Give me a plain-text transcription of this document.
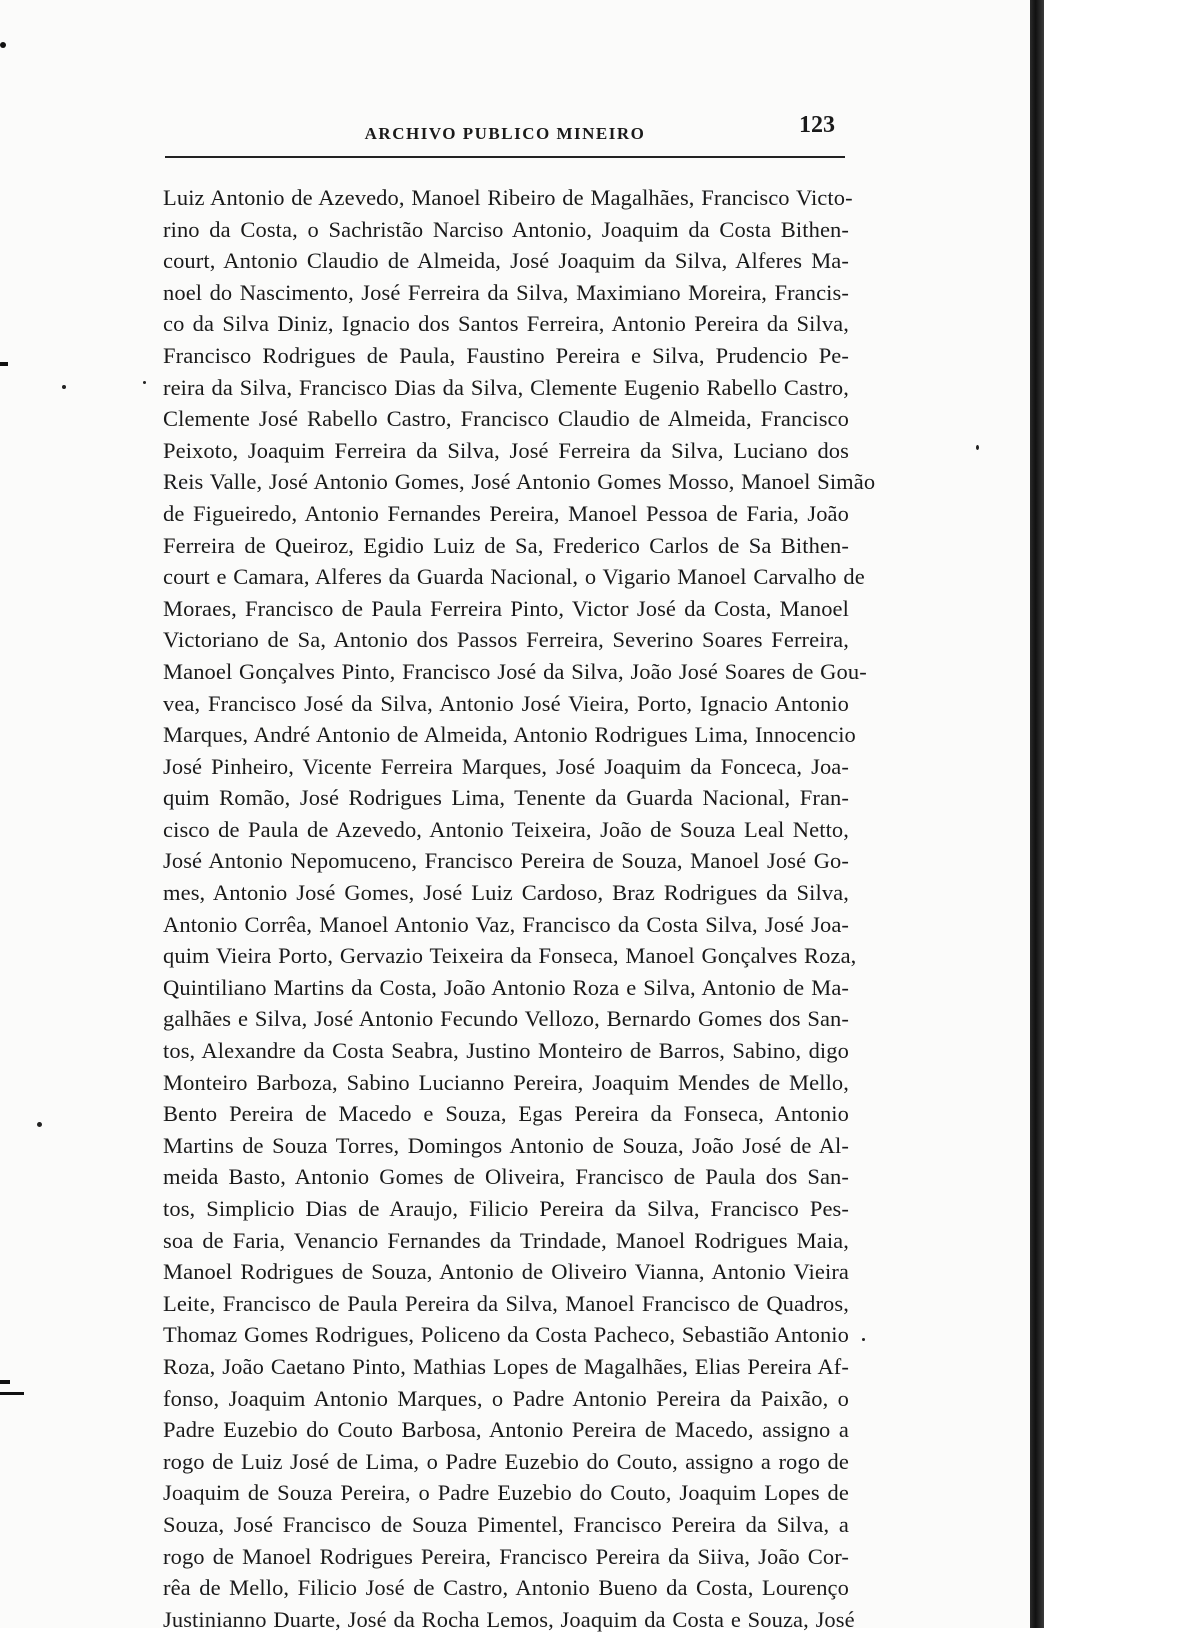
ARCHIVO PUBLICO MINEIRO	123
Luiz Antonio de Azevedo, Manoel Ribeiro de Magalhães, Francisco Victo-
rino da Costa, o Sachristão Narciso Antonio, Joaquim da Costa Bithen-
court, Antonio Claudio de Almeida, José Joaquim da Silva, Alferes Ma-
noel do Nascimento, José Ferreira da Silva, Maximiano Moreira, Francis-
co da Silva Diniz, Ignacio dos Santos Ferreira, Antonio Pereira da Silva,
Francisco Rodrigues de Paula, Faustino Pereira e Silva, Prudencio Pe-
reira da Silva, Francisco Dias da Silva, Clemente Eugenio Rabello Castro,
Clemente José Rabello Castro, Francisco Claudio de Almeida, Francisco
Peixoto, Joaquim Ferreira da Silva, José Ferreira da Silva, Luciano dos
Reis Valle, José Antonio Gomes, José Antonio Gomes Mosso, Manoel Simão
de Figueiredo, Antonio Fernandes Pereira, Manoel Pessoa de Faria, João
Ferreira de Queiroz, Egidio Luiz de Sa, Frederico Carlos de Sa Bithen-
court e Camara, Alferes da Guarda Nacional, o Vigario Manoel Carvalho de
Moraes, Francisco de Paula Ferreira Pinto, Victor José da Costa, Manoel
Victoriano de Sa, Antonio dos Passos Ferreira, Severino Soares Ferreira,
Manoel Gonçalves Pinto, Francisco José da Silva, João José Soares de Gou-
vea, Francisco José da Silva, Antonio José Vieira, Porto, Ignacio Antonio
Marques, André Antonio de Almeida, Antonio Rodrigues Lima, Innocencio
José Pinheiro, Vicente Ferreira Marques, José Joaquim da Fonceca, Joa-
quim Romão, José Rodrigues Lima, Tenente da Guarda Nacional, Fran-
cisco de Paula de Azevedo, Antonio Teixeira, João de Souza Leal Netto,
José Antonio Nepomuceno, Francisco Pereira de Souza, Manoel José Go-
mes, Antonio José Gomes, José Luiz Cardoso, Braz Rodrigues da Silva,
Antonio Corrêa, Manoel Antonio Vaz, Francisco da Costa Silva, José Joa-
quim Vieira Porto, Gervazio Teixeira da Fonseca, Manoel Gonçalves Roza,
Quintiliano Martins da Costa, João Antonio Roza e Silva, Antonio de Ma-
galhães e Silva, José Antonio Fecundo Vellozo, Bernardo Gomes dos San-
tos, Alexandre da Costa Seabra, Justino Monteiro de Barros, Sabino, digo
Monteiro Barboza, Sabino Lucianno Pereira, Joaquim Mendes de Mello,
Bento Pereira de Macedo e Souza, Egas Pereira da Fonseca, Antonio
Martins de Souza Torres, Domingos Antonio de Souza, João José de Al-
meida Basto, Antonio Gomes de Oliveira, Francisco de Paula dos San-
tos, Simplicio Dias de Araujo, Filicio Pereira da Silva, Francisco Pes-
soa de Faria, Venancio Fernandes da Trindade, Manoel Rodrigues Maia,
Manoel Rodrigues de Souza, Antonio de Oliveiro Vianna, Antonio Vieira
Leite, Francisco de Paula Pereira da Silva, Manoel Francisco de Quadros,
Thomaz Gomes Rodrigues, Policeno da Costa Pacheco, Sebastião Antonio
Roza, João Caetano Pinto, Mathias Lopes de Magalhães, Elias Pereira Af-
fonso, Joaquim Antonio Marques, o Padre Antonio Pereira da Paixão, o
Padre Euzebio do Couto Barbosa, Antonio Pereira de Macedo, assigno a
rogo de Luiz José de Lima, o Padre Euzebio do Couto, assigno a rogo de
Joaquim de Souza Pereira, o Padre Euzebio do Couto, Joaquim Lopes de
Souza, José Francisco de Souza Pimentel, Francisco Pereira da Silva, a
rogo de Manoel Rodrigues Pereira, Francisco Pereira da Siiva, João Cor-
rêa de Mello, Filicio José de Castro, Antonio Bueno da Costa, Lourenço
Justinianno Duarte, José da Rocha Lemos, Joaquim da Costa e Souza, José
